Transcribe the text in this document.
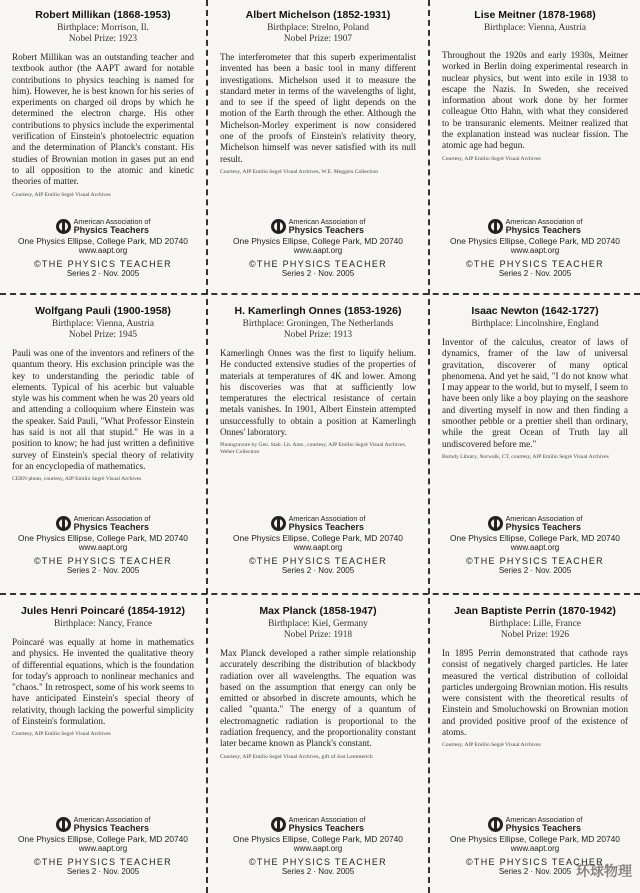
Robert Millikan (1868-1953)
Birthplace: Morrison, Il.
Nobel Prize: 1923
Robert Millikan was an outstanding teacher and textbook author (the AAPT award for notable contributions to physics teaching is named for him). However, he is best known for his series of experiments on charged oil drops by which he determined the electron charge. His other contributions to physics include the experimental verification of Einstein's photoelectric equation and the determination of Planck's constant. His studies of Brownian motion in gases put an end to all opposition to the atomic and kinetic theories of matter.
Courtesy, AIP Emilio Segrè Visual Archives
American Association of
Physics Teachers
One Physics Ellipse, College Park, MD 20740
www.aapt.org
©THE PHYSICS TEACHER
Series 2 · Nov. 2005
Albert Michelson (1852-1931)
Birthplace: Strelno, Poland
Nobel Prize: 1907
The interferometer that this superb experimentalist invented has been a basic tool in many different investigations. Michelson used it to measure the standard meter in terms of the wavelengths of light, and to see if the speed of light depends on the motion of the Earth through the ether. Although the Michelson-Morley experiment is now considered one of the proofs of Einstein's relativity theory, Michelson himself was never satisfied with its null result.
Courtesy, AIP Emilio Segrè Visual Archives, W.E. Meggers Collection
American Association of
Physics Teachers
One Physics Ellipse, College Park, MD 20740
www.aapt.org
©THE PHYSICS TEACHER
Series 2 · Nov. 2005
Lise Meitner (1878-1968)
Birthplace: Vienna, Austria
Throughout the 1920s and early 1930s, Meitner worked in Berlin doing experimental research in nuclear physics, but went into exile in 1938 to escape the Nazis. In Sweden, she received information about work done by her former colleague Otto Hahn, with what they considered to be transuranic elements. Meitner realized that the explanation instead was nuclear fission. The atomic age had begun.
Courtesy, AIP Emilio Segrè Visual Archives
American Association of
Physics Teachers
One Physics Ellipse, College Park, MD 20740
www.aapt.org
©THE PHYSICS TEACHER
Series 2 · Nov. 2005
Wolfgang Pauli (1900-1958)
Birthplace: Vienna, Austria
Nobel Prize: 1945
Pauli was one of the inventors and refiners of the quantum theory. His exclusion principle was the key to understanding the periodic table of elements. Typical of his acerbic but valuable style was his comment when he was 20 years old and attending a colloquium where Einstein was the speaker. Said Pauli, "What Professor Einstein has said is not all that stupid." He was in a position to know; he had just written a definitive survey of Einstein's special theory of relativity for an encyclopedia of mathematics.
CERN photo, courtesy, AIP Emilio Segrè Visual Archives
American Association of
Physics Teachers
One Physics Ellipse, College Park, MD 20740
www.aapt.org
©THE PHYSICS TEACHER
Series 2 · Nov. 2005
H. Kamerlingh Onnes (1853-1926)
Birthplace: Groningen, The Netherlands
Nobel Prize: 1913
Kamerlingh Onnes was the first to liquify helium. He conducted extensive studies of the properties of materials at temperatures of 4K and lower. Among his discoveries was that at sufficiently low temperatures the electrical resistance of certain metals vanishes. In 1901, Albert Einstein attempted unsuccessfully to obtain a position at Kamerlingh Onnes' laboratory.
Photogravure by Gen. Stab. Lit. Anst., courtesy, AIP Emilio Segrè Visual Archives, Weber Collection
American Association of
Physics Teachers
One Physics Ellipse, College Park, MD 20740
www.aapt.org
©THE PHYSICS TEACHER
Series 2 · Nov. 2005
Isaac Newton (1642-1727)
Birthplace: Lincolnshire, England
Inventor of the calculus, creator of laws of dynamics, framer of the law of universal gravitation, discoverer of many optical phenomena. And yet he said, "I do not know what I may appear to the world, but to myself, I seem to have been only like a boy playing on the seashore and diverting myself in now and then finding a smoother pebble or a prettier shell than ordinary, while the great Ocean of Truth lay all undiscovered before me."
Burndy Library, Norwalk, CT, courtesy, AIP Emilio Segrè Visual Archives
American Association of
Physics Teachers
One Physics Ellipse, College Park, MD 20740
www.aapt.org
©THE PHYSICS TEACHER
Series 2 · Nov. 2005
Jules Henri Poincaré (1854-1912)
Birthplace: Nancy, France
Poincaré was equally at home in mathematics and physics. He invented the qualitative theory of differential equations, which is the foundation for today's approach to nonlinear mechanics and "chaos." In retrospect, some of his work seems to have anticipated Einstein's special theory of relativity, though lacking the powerful simplicity of Einstein's formulation.
Courtesy, AIP Emilio Segrè Visual Archives
American Association of
Physics Teachers
One Physics Ellipse, College Park, MD 20740
www.aapt.org
©THE PHYSICS TEACHER
Series 2 · Nov. 2005
Max Planck (1858-1947)
Birthplace: Kiel, Germany
Nobel Prize: 1918
Max Planck developed a rather simple relationship accurately describing the distribution of blackbody radiation over all wavelengths. The equation was based on the assumption that energy can only be emitted or absorbed in discrete amounts, which he called "quanta." The energy of a quantum of electromagnetic radiation is proportional to the radiation frequency, and the proportionality constant later became known as Planck's constant.
Courtesy, AIP Emilio Segrè Visual Archives, gift of Jost Lemmerich
American Association of
Physics Teachers
One Physics Ellipse, College Park, MD 20740
www.aapt.org
©THE PHYSICS TEACHER
Series 2 · Nov. 2005
Jean Baptiste Perrin (1870-1942)
Birthplace: Lille, France
Nobel Prize: 1926
In 1895 Perrin demonstrated that cathode rays consist of negatively charged particles. He later measured the vertical distribution of colloidal particles undergoing Brownian motion. His results were consistent with the theoretical results of Einstein and Smoluchowski on Brownian motion and provided positive proof of the existence of atoms.
Courtesy, AIP Emilio Segrè Visual Archives
American Association of
Physics Teachers
One Physics Ellipse, College Park, MD 20740
www.aapt.org
©THE PHYSICS TEACHER
Series 2 · Nov. 2005 环球物理
